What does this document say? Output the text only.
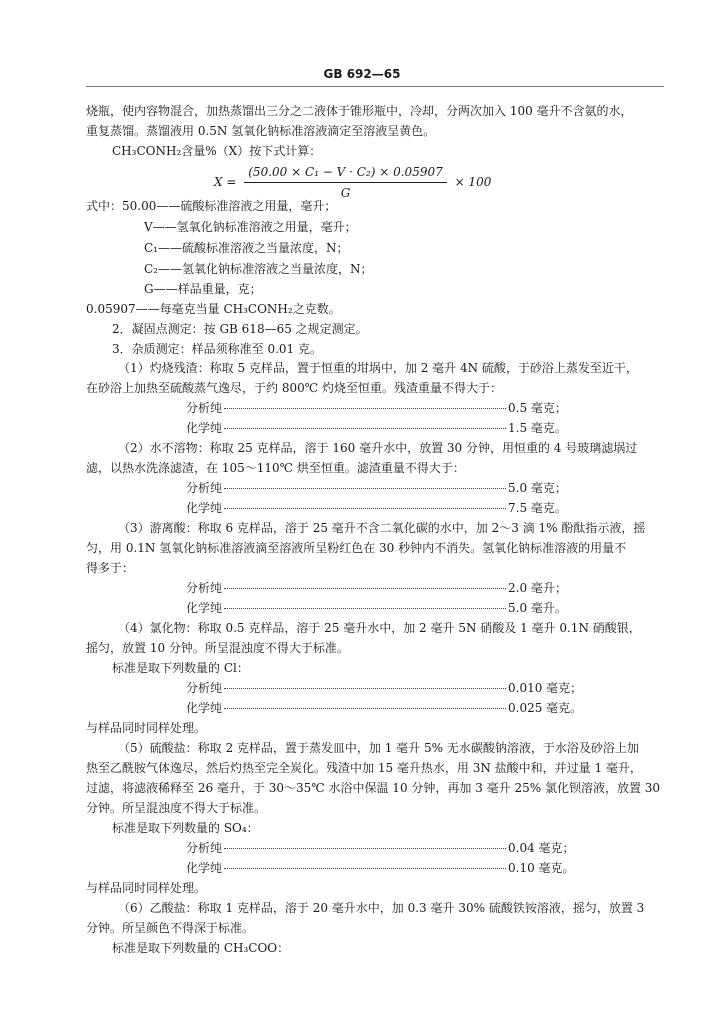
GB 692—65
烧瓶，使内容物混合，加热蒸馏出三分之二液体于锥形瓶中，冷却，分两次加入 100 毫升不含氨的水，
重复蒸馏。蒸馏液用 0.5N 氢氧化钠标准溶液滴定至溶液呈黄色。
CH₃CONH₂含量%（X）按下式计算：
$X = \frac{\text{(50.00 × C₁ − V · C₂) × 0.05907}}{G} \times 100$
式中：50.00——硫酸标准溶液之用量，毫升；
V——氢氧化钠标准溶液之用量，毫升；
C₁——硫酸标准溶液之当量浓度，N；
C₂——氢氧化钠标准溶液之当量浓度，N；
G——样品重量，克；
0.05907——每毫克当量 CH₃CONH₂之克数。
2．凝固点测定：按 GB 618—65 之规定测定。
3．杂质测定：样品须称准至 0.01 克。
（1）灼烧残渣：称取 5 克样品，置于恒重的坩埚中，加 2 毫升 4N 硫酸，于砂浴上蒸发至近干，
在砂浴上加热至硫酸蒸气逸尽，于约 800℃ 灼烧至恒重。残渣重量不得大于：
分析纯	0.5 毫克；
化学纯	1.5 毫克。
（2）水不溶物：称取 25 克样品，溶于 160 毫升水中，放置 30 分钟，用恒重的 4 号玻璃滤埚过
滤，以热水洗涤滤渣，在 105～110℃ 烘至恒重。滤渣重量不得大于：
分析纯	5.0 毫克；
化学纯	7.5 毫克。
（3）游离酸：称取 6 克样品，溶于 25 毫升不含二氧化碳的水中，加 2～3 滴 1% 酚酞指示液，摇
匀，用 0.1N 氢氧化钠标准溶液滴至溶液所呈粉红色在 30 秒钟内不消失。氢氧化钠标准溶液的用量不
得多于：
分析纯	2.0 毫升；
化学纯	5.0 毫升。
（4）氯化物：称取 0.5 克样品，溶于 25 毫升水中，加 2 毫升 5N 硝酸及 1 毫升 0.1N 硝酸银，
摇匀，放置 10 分钟。所呈混浊度不得大于标准。
标准是取下列数量的 Cl：
分析纯	0.010 毫克；
化学纯	0.025 毫克。
与样品同时同样处理。
（5）硫酸盐：称取 2 克样品，置于蒸发皿中，加 1 毫升 5% 无水碳酸钠溶液，于水浴及砂浴上加
热至乙酰胺气体逸尽，然后灼热至完全炭化。残渣中加 15 毫升热水，用 3N 盐酸中和，并过量 1 毫升，
过滤，将滤液稀释至 26 毫升，于 30～35℃ 水浴中保温 10 分钟，再加 3 毫升 25% 氯化钡溶液，放置 30
分钟。所呈混浊度不得大于标准。
标准是取下列数量的 SO₄：
分析纯	0.04 毫克；
化学纯	0.10 毫克。
与样品同时同样处理。
（6）乙酸盐：称取 1 克样品，溶于 20 毫升水中，加 0.3 毫升 30% 硫酸铁铵溶液，摇匀，放置 3
分钟。所呈颜色不得深于标准。
标准是取下列数量的 CH₃COO：
